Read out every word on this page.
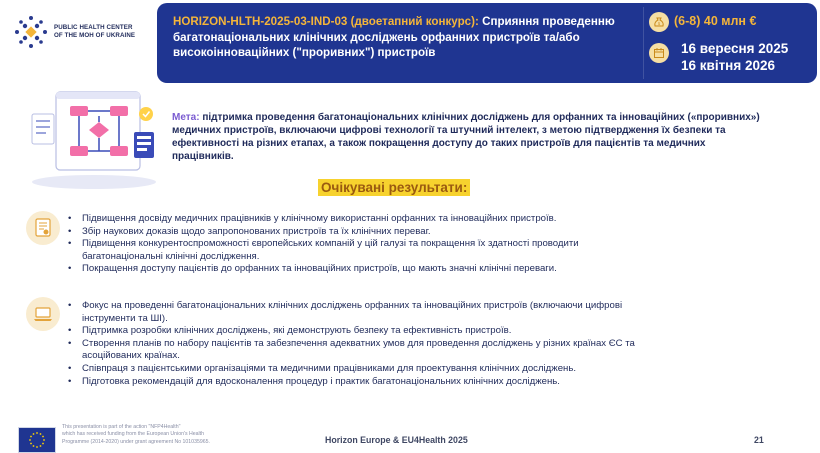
PUBLIC HEALTH CENTER
OF THE MOH OF UKRAINE
HORIZON-HLTH-2025-03-IND-03 (двоетапний конкурс): Сприяння проведенню багатонаціональних клінічних досліджень орфанних пристроїв та/або високоінноваційних ("проривних") пристроїв
$ (6-8) 40 млн €
16 вересня 2025
16 квітня 2026
Мета: підтримка проведення багатонаціональних клінічних досліджень для орфанних та інноваційних («проривних») медичних пристроїв, включаючи цифрові технології та штучний інтелект, з метою підтвердження їх безпеки та ефективності на різних етапах, а також покращення доступу до таких пристроїв для пацієнтів та медичних працівників.
Очікувані результати:
• Підвищення досвіду медичних працівників у клінічному використанні орфанних та інноваційних пристроїв.
• Збір наукових доказів щодо запропонованих пристроїв та їх клінічних переваг.
• Підвищення конкурентоспроможності європейських компаній у цій галузі та покращення їх здатності проводити багатонаціональні клінічні дослідження.
• Покращення доступу пацієнтів до орфанних та інноваційних пристроїв, що мають значні клінічні переваги.
• Фокус на проведенні багатонаціональних клінічних досліджень орфанних та інноваційних пристроїв (включаючи цифрові інструменти та ШІ).
• Підтримка розробки клінічних досліджень, які демонструють безпеку та ефективність пристроїв.
• Створення планів по набору пацієнтів та забезпечення адекватних умов для проведення досліджень у різних країнах ЄС та асоційованих країнах.
• Співпраця з пацієнтськими організаціями та медичними працівниками для проектування клінічних досліджень.
• Підготовка рекомендацій для вдосконалення процедур і практик багатонаціональних клінічних досліджень.
This presentation is part of the action "NFP4Health"
which has received funding from the European Union's Health
Programme (2014-2020) under grant agreement No 101035965.	Horizon Europe & EU4Health 2025	21
